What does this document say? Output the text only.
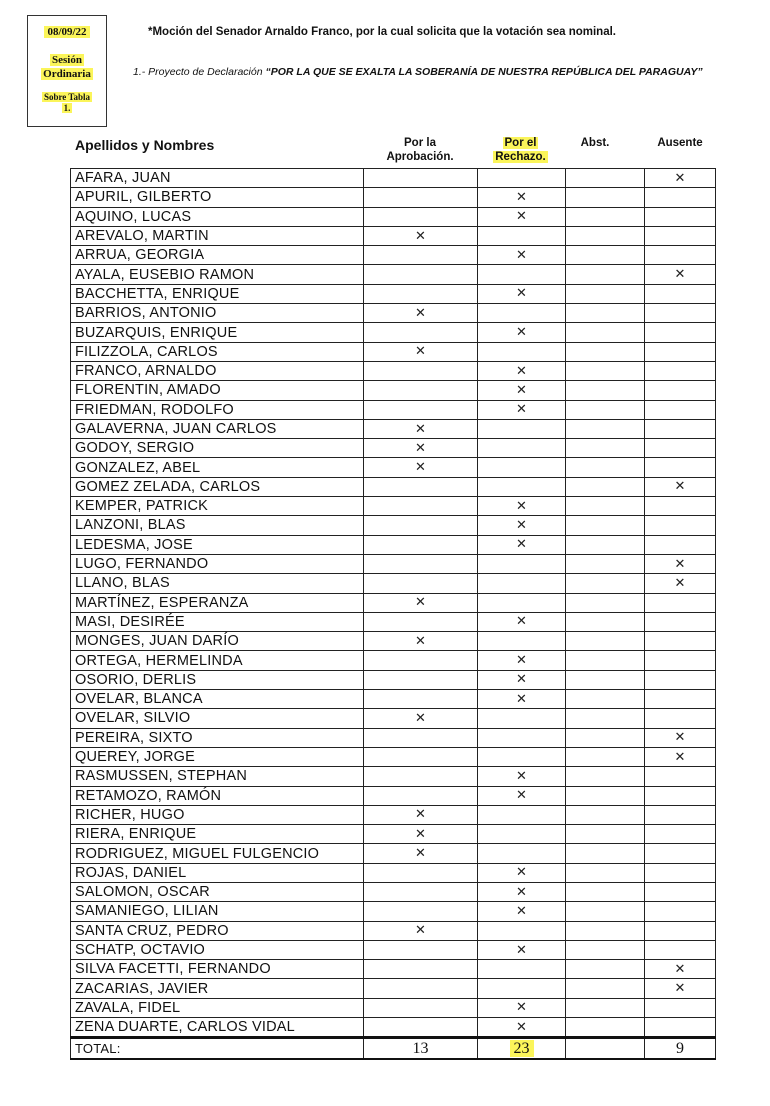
08/09/22
Sesión
Ordinaria
Sobre Tabla
1.
*Moción del Senador Arnaldo Franco, por la cual solicita que la votación sea nominal.
1.- Proyecto de Declaración “POR LA QUE SE EXALTA LA SOBERANÍA DE NUESTRA REPÚBLICA DEL PARAGUAY”
Apellidos y Nombres	Por la
Aprobación.
Por el
Rechazo.
Abst.	Ausente
AFARA, JUAN				✕
APURIL, GILBERTO		✕		
AQUINO, LUCAS		✕		
AREVALO, MARTIN	✕			
ARRUA, GEORGIA		✕		
AYALA, EUSEBIO RAMON				✕
BACCHETTA, ENRIQUE		✕		
BARRIOS, ANTONIO	✕			
BUZARQUIS, ENRIQUE		✕		
FILIZZOLA, CARLOS	✕			
FRANCO, ARNALDO		✕		
FLORENTIN, AMADO		✕		
FRIEDMAN, RODOLFO		✕		
GALAVERNA, JUAN CARLOS	✕			
GODOY, SERGIO	✕			
GONZALEZ, ABEL	✕			
GOMEZ ZELADA, CARLOS				✕
KEMPER, PATRICK		✕		
LANZONI, BLAS		✕		
LEDESMA, JOSE		✕		
LUGO, FERNANDO				✕
LLANO, BLAS				✕
MARTÍNEZ, ESPERANZA	✕			
MASI, DESIRÉE		✕		
MONGES, JUAN DARÍO	✕			
ORTEGA, HERMELINDA		✕		
OSORIO, DERLIS		✕		
OVELAR, BLANCA		✕		
OVELAR, SILVIO	✕			
PEREIRA, SIXTO				✕
QUEREY, JORGE				✕
RASMUSSEN, STEPHAN		✕		
RETAMOZO, RAMÓN		✕		
RICHER, HUGO	✕			
RIERA, ENRIQUE	✕			
RODRIGUEZ, MIGUEL FULGENCIO	✕			
ROJAS, DANIEL		✕		
SALOMON, OSCAR		✕		
SAMANIEGO, LILIAN		✕		
SANTA CRUZ, PEDRO	✕			
SCHATP, OCTAVIO		✕		
SILVA FACETTI, FERNANDO				✕
ZACARIAS, JAVIER				✕
ZAVALA, FIDEL		✕		
ZENA DUARTE, CARLOS VIDAL		✕		
TOTAL:	13	23		9
